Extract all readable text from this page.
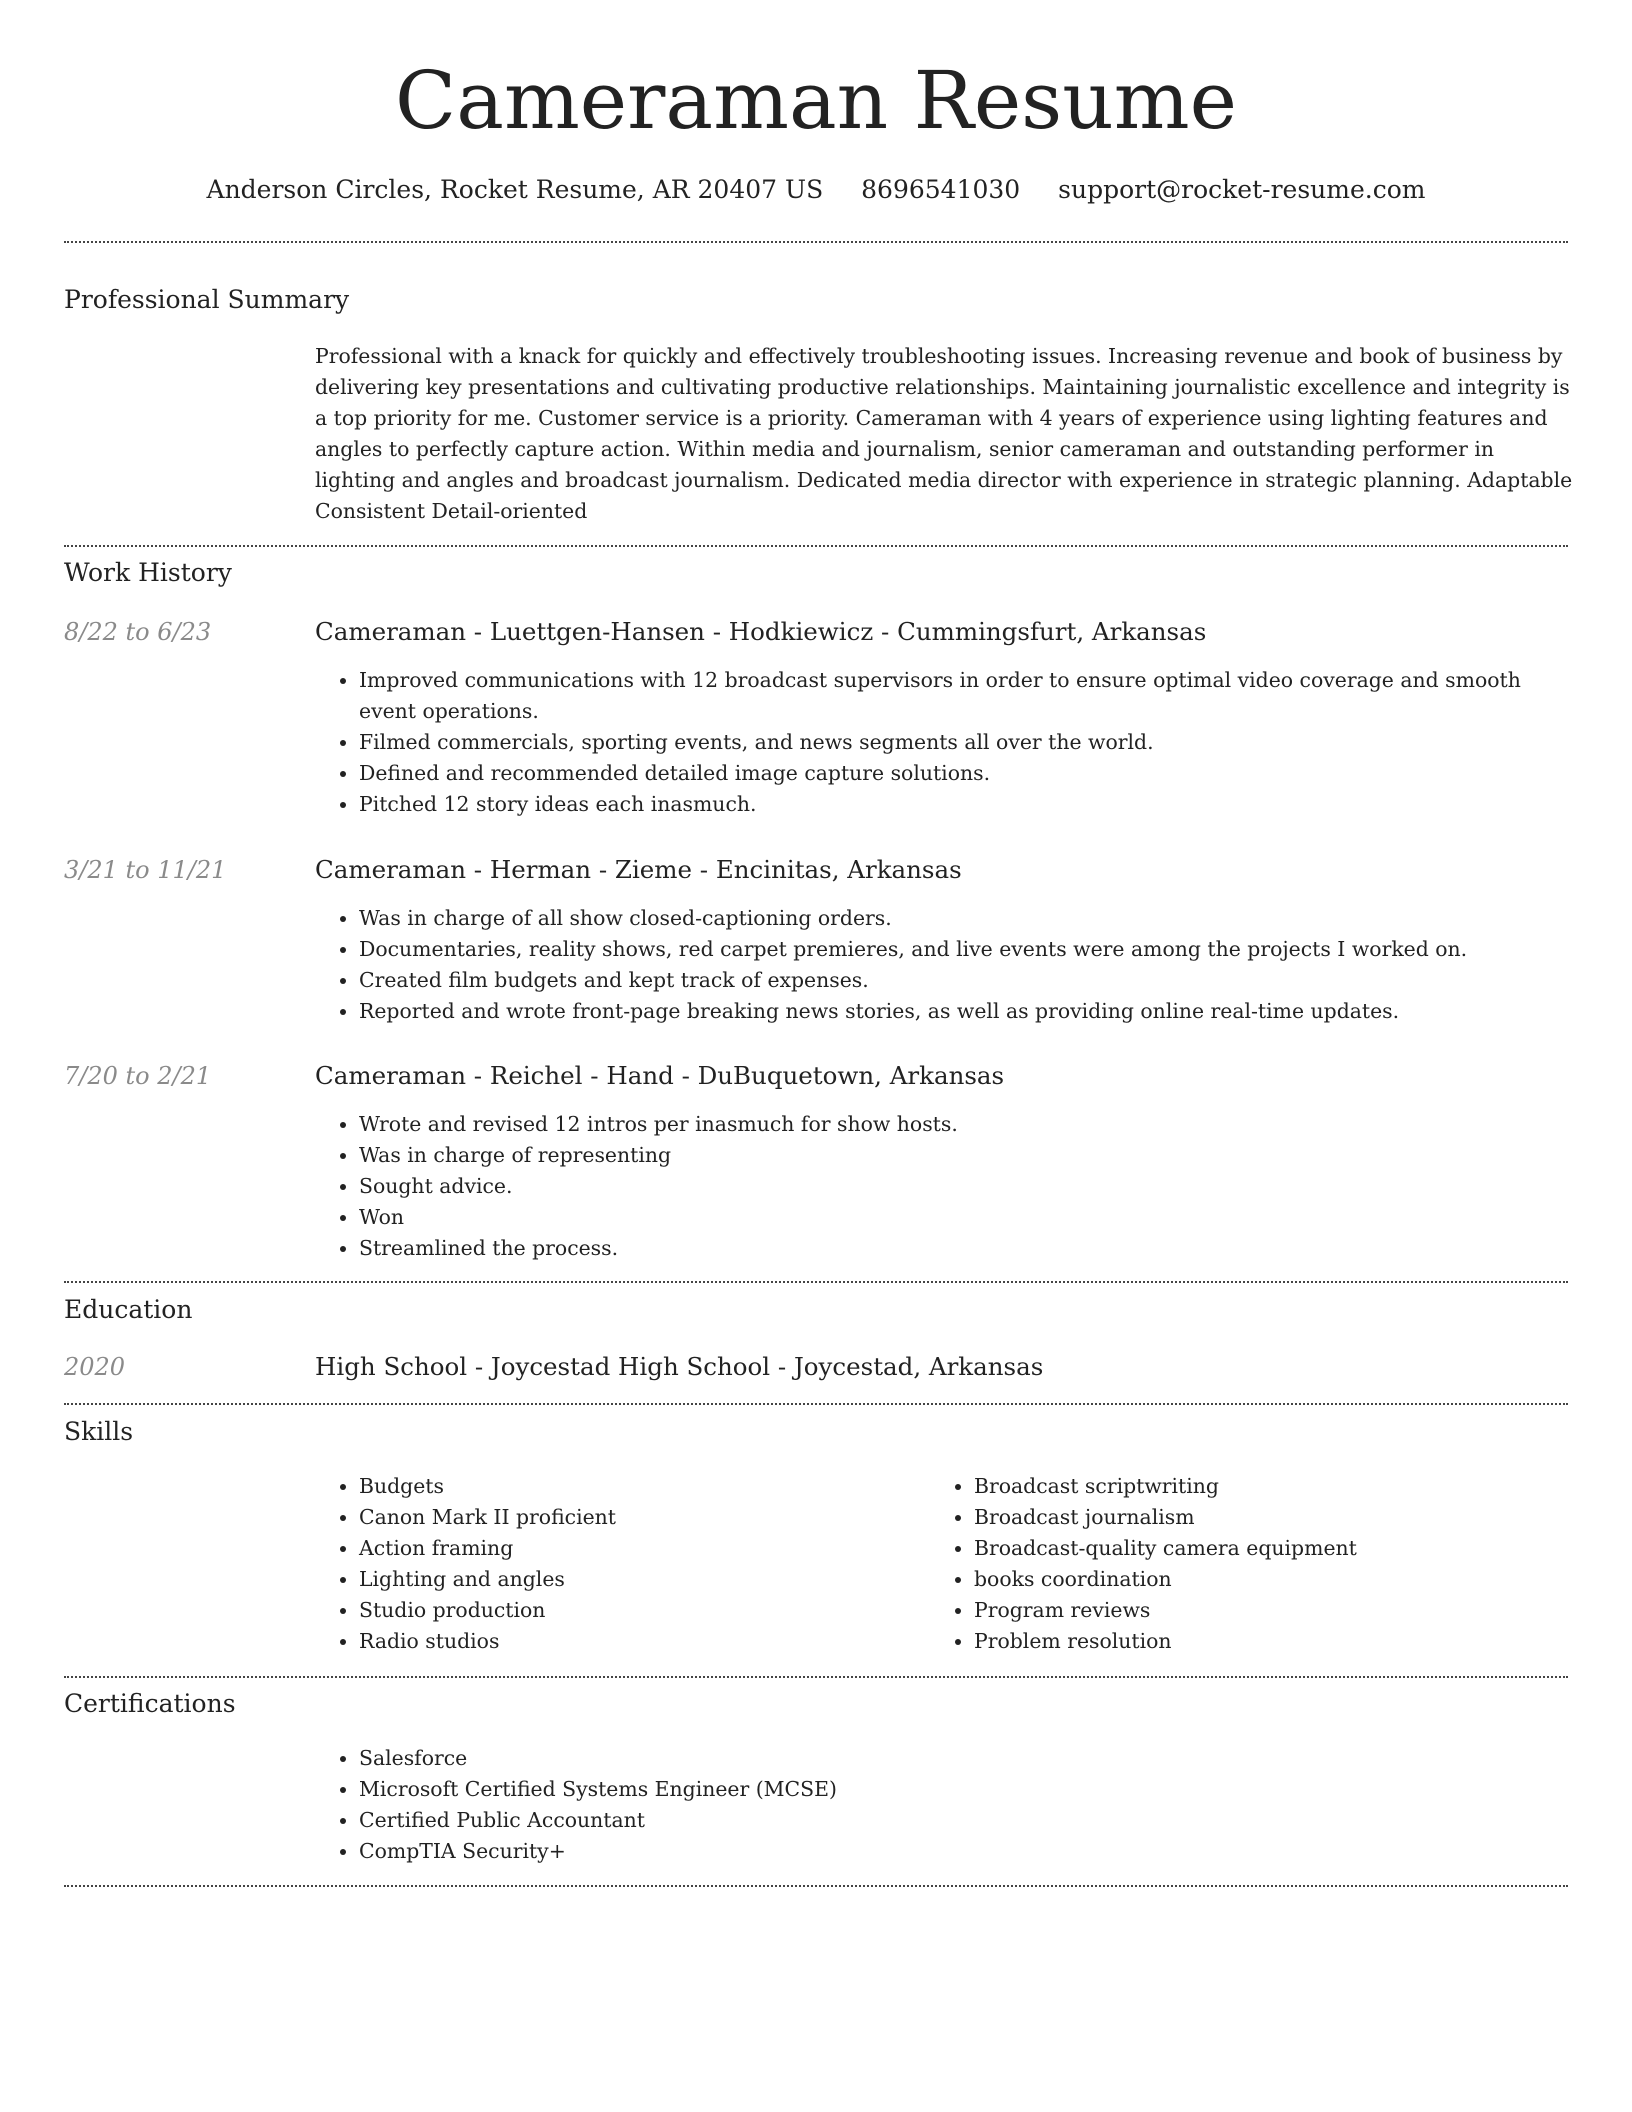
Cameraman Resume
Anderson Circles, Rocket Resume, AR 20407 US 8696541030 support@rocket-resume.com
Professional Summary

Professional with a knack for quickly and effectively troubleshooting issues. Increasing revenue and book of business by delivering key presentations and cultivating productive relationships. Maintaining journalistic excellence and integrity is a top priority for me. Customer service is a priority. Cameraman with 4 years of experience using lighting features and angles to perfectly capture action. Within media and journalism, senior cameraman and outstanding performer in lighting and angles and broadcast journalism. Dedicated media director with experience in strategic planning. Adaptable Consistent Detail-oriented

Work History
8/22 to 6/23	Cameraman - Luettgen-Hansen - Hodkiewicz - Cummingsfurt, Arkansas
• Improved communications with 12 broadcast supervisors in order to ensure optimal video coverage and smooth event operations.
• Filmed commercials, sporting events, and news segments all over the world.
• Defined and recommended detailed image capture solutions.
• Pitched 12 story ideas each inasmuch.
3/21 to 11/21	Cameraman - Herman - Zieme - Encinitas, Arkansas
• Was in charge of all show closed-captioning orders.
• Documentaries, reality shows, red carpet premieres, and live events were among the projects I worked on.
• Created film budgets and kept track of expenses.
• Reported and wrote front-page breaking news stories, as well as providing online real-time updates.
7/20 to 2/21	Cameraman - Reichel - Hand - DuBuquetown, Arkansas
• Wrote and revised 12 intros per inasmuch for show hosts.
• Was in charge of representing
• Sought advice.
• Won
• Streamlined the process.
Education
2020	High School - Joycestad High School - Joycestad, Arkansas
Skills
• Budgets
• Canon Mark II proficient
• Action framing
• Lighting and angles
• Studio production
• Radio studios
• Broadcast scriptwriting
• Broadcast journalism
• Broadcast-quality camera equipment
• books coordination
• Program reviews
• Problem resolution
Certifications
• Salesforce
• Microsoft Certified Systems Engineer (MCSE)
• Certified Public Accountant
• CompTIA Security+
